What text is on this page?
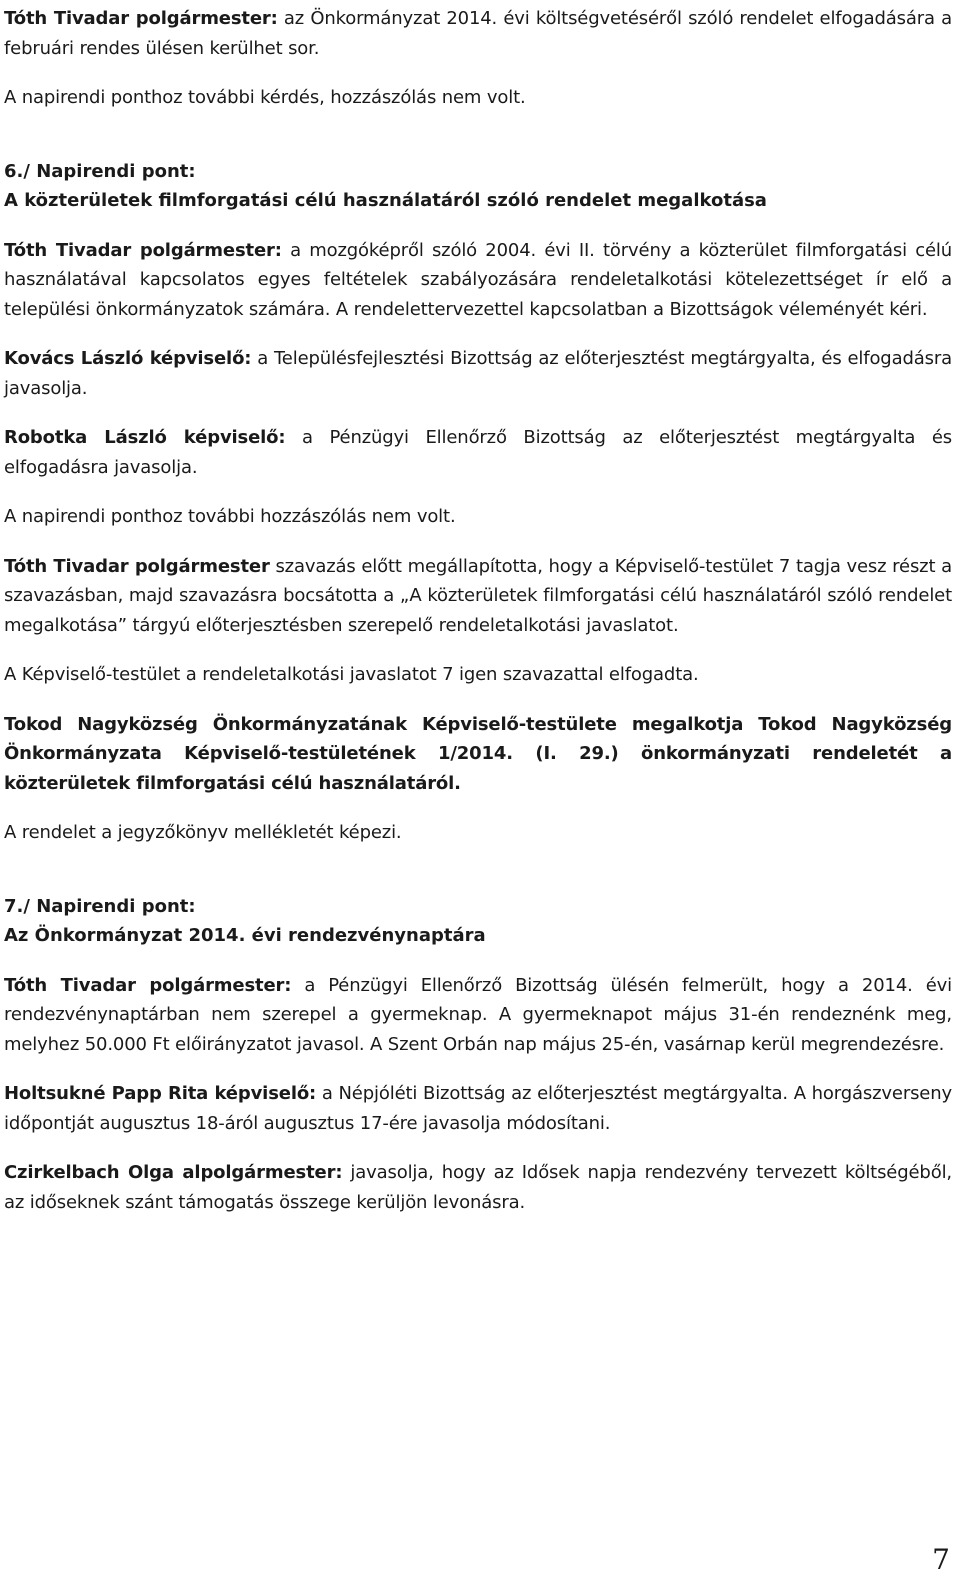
Tóth Tivadar polgármester: az Önkormányzat 2014. évi költségvetéséről szóló rendelet elfogadására a februári rendes ülésen kerülhet sor.

A napirendi ponthoz további kérdés, hozzászólás nem volt.

6./ Napirendi pont:
A közterületek filmforgatási célú használatáról szóló rendelet megalkotása

Tóth Tivadar polgármester: a mozgóképről szóló 2004. évi II. törvény a közterület filmforgatási célú használatával kapcsolatos egyes feltételek szabályozására rendeletalkotási kötelezettséget ír elő a települési önkormányzatok számára. A rendelettervezettel kapcsolatban a Bizottságok véleményét kéri.

Kovács László képviselő: a Településfejlesztési Bizottság az előterjesztést megtárgyalta, és elfogadásra javasolja.

Robotka László képviselő: a Pénzügyi Ellenőrző Bizottság az előterjesztést megtárgyalta és elfogadásra javasolja.

A napirendi ponthoz további hozzászólás nem volt.

Tóth Tivadar polgármester szavazás előtt megállapította, hogy a Képviselő-testület 7 tagja vesz részt a szavazásban, majd szavazásra bocsátotta a „A közterületek filmforgatási célú használatáról szóló rendelet megalkotása” tárgyú előterjesztésben szerepelő rendeletalkotási javaslatot.

A Képviselő-testület a rendeletalkotási javaslatot 7 igen szavazattal elfogadta.

Tokod Nagyközség Önkormányzatának Képviselő-testülete megalkotja Tokod Nagyközség Önkormányzata Képviselő-testületének 1/2014. (I. 29.) önkormányzati rendeletét a közterületek filmforgatási célú használatáról.

A rendelet a jegyzőkönyv mellékletét képezi.

7./ Napirendi pont:
Az Önkormányzat 2014. évi rendezvénynaptára

Tóth Tivadar polgármester: a Pénzügyi Ellenőrző Bizottság ülésén felmerült, hogy a 2014. évi rendezvénynaptárban nem szerepel a gyermeknap. A gyermeknapot május 31-én rendeznénk meg, melyhez 50.000 Ft előirányzatot javasol. A Szent Orbán nap május 25-én, vasárnap kerül megrendezésre.

Holtsukné Papp Rita képviselő: a Népjóléti Bizottság az előterjesztést megtárgyalta. A horgászverseny időpontját augusztus 18-áról augusztus 17-ére javasolja módosítani.

Czirkelbach Olga alpolgármester: javasolja, hogy az Idősek napja rendezvény tervezett költségéből, az időseknek szánt támogatás összege kerüljön levonásra.

7
